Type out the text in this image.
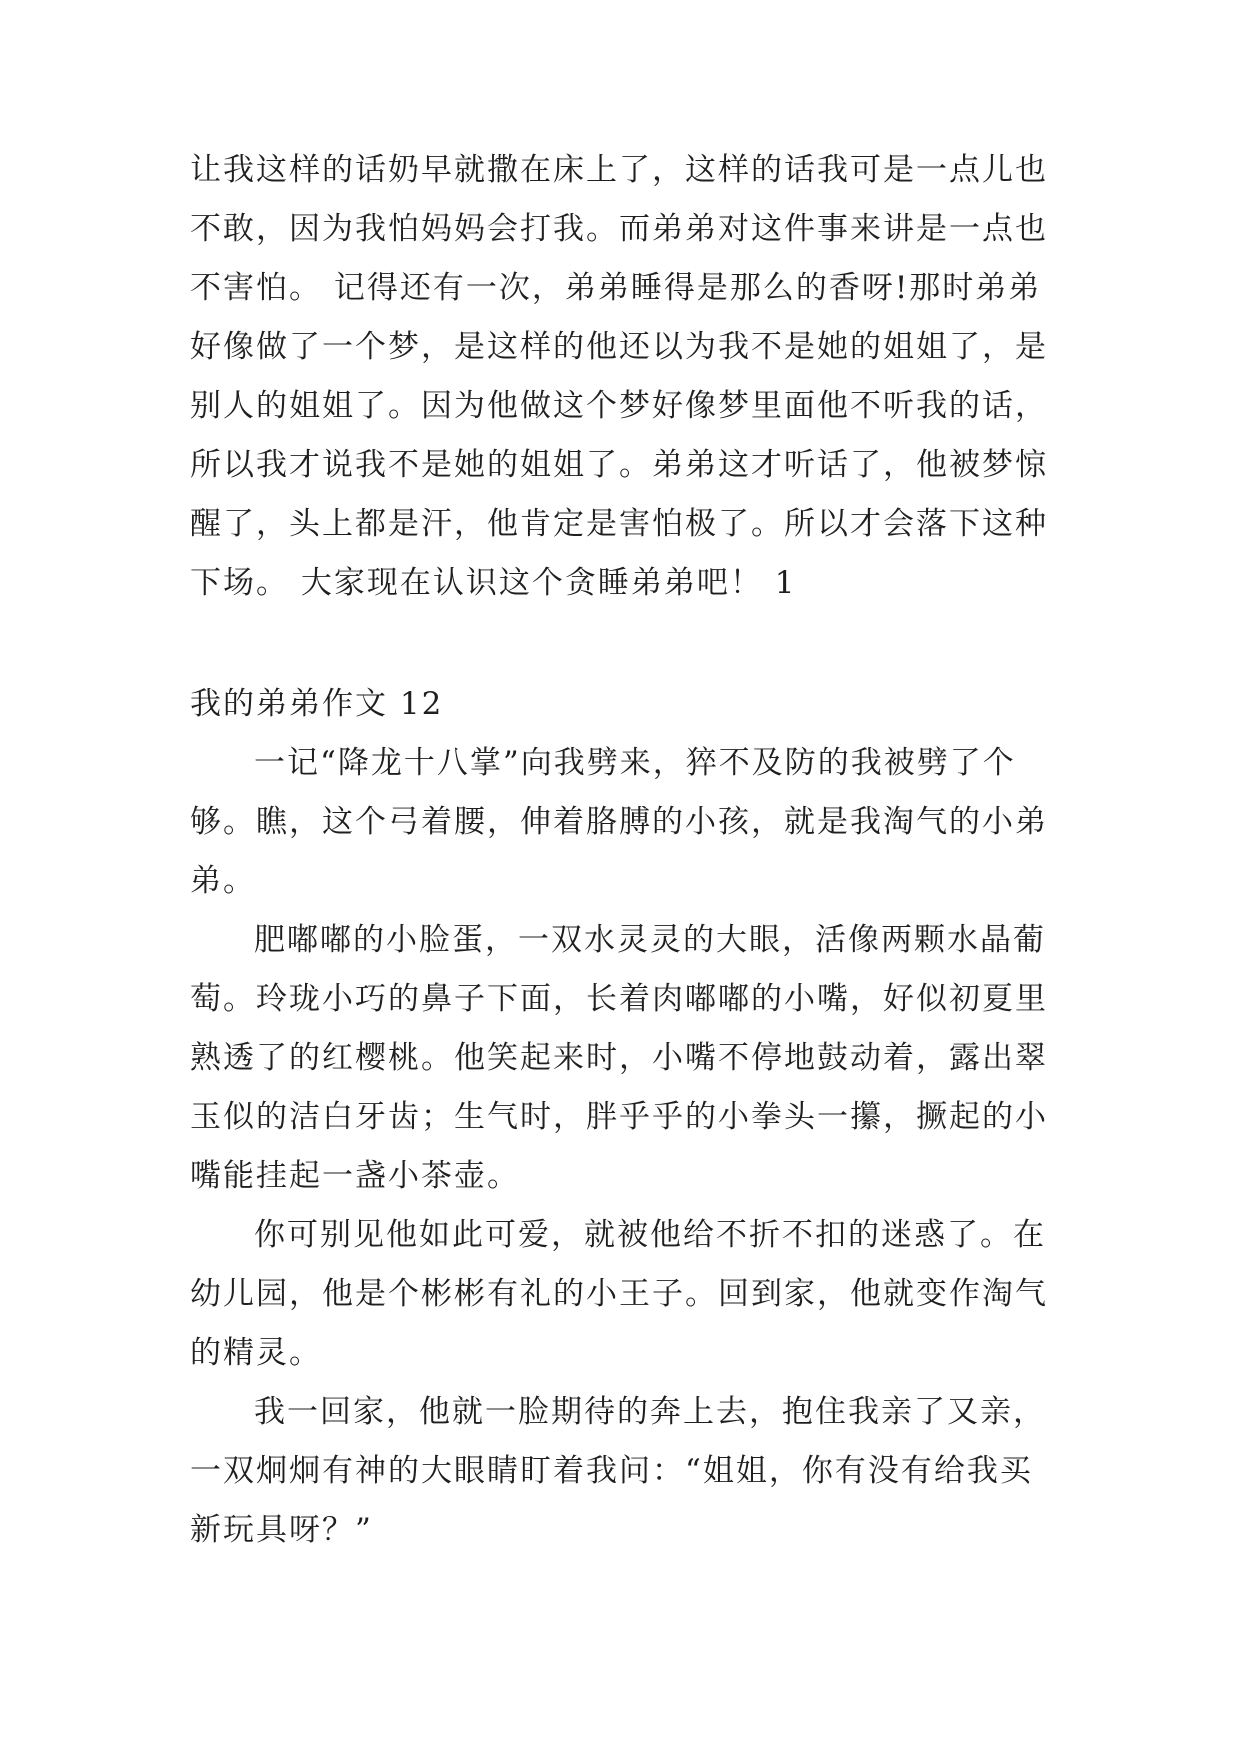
让我这样的话奶早就撒在床上了，这样的话我可是一点儿也
不敢，因为我怕妈妈会打我。而弟弟对这件事来讲是一点也
不害怕。 记得还有一次，弟弟睡得是那么的香呀!那时弟弟
好像做了一个梦，是这样的他还以为我不是她的姐姐了，是
别人的姐姐了。因为他做这个梦好像梦里面他不听我的话，
所以我才说我不是她的姐姐了。弟弟这才听话了，他被梦惊
醒了，头上都是汗，他肯定是害怕极了。所以才会落下这种
下场。 大家现在认识这个贪睡弟弟吧！ 1
我的弟弟作文 12
一记“降龙十八掌”向我劈来，猝不及防的我被劈了个
够。瞧，这个弓着腰，伸着胳膊的小孩，就是我淘气的小弟
弟。
肥嘟嘟的小脸蛋，一双水灵灵的大眼，活像两颗水晶葡
萄。玲珑小巧的鼻子下面，长着肉嘟嘟的小嘴，好似初夏里
熟透了的红樱桃。他笑起来时，小嘴不停地鼓动着，露出翠
玉似的洁白牙齿；生气时，胖乎乎的小拳头一攥，撅起的小
嘴能挂起一盏小茶壶。
你可别见他如此可爱，就被他给不折不扣的迷惑了。在
幼儿园，他是个彬彬有礼的小王子。回到家，他就变作淘气
的精灵。
我一回家，他就一脸期待的奔上去，抱住我亲了又亲，
一双炯炯有神的大眼睛盯着我问：“姐姐，你有没有给我买
新玩具呀？”
